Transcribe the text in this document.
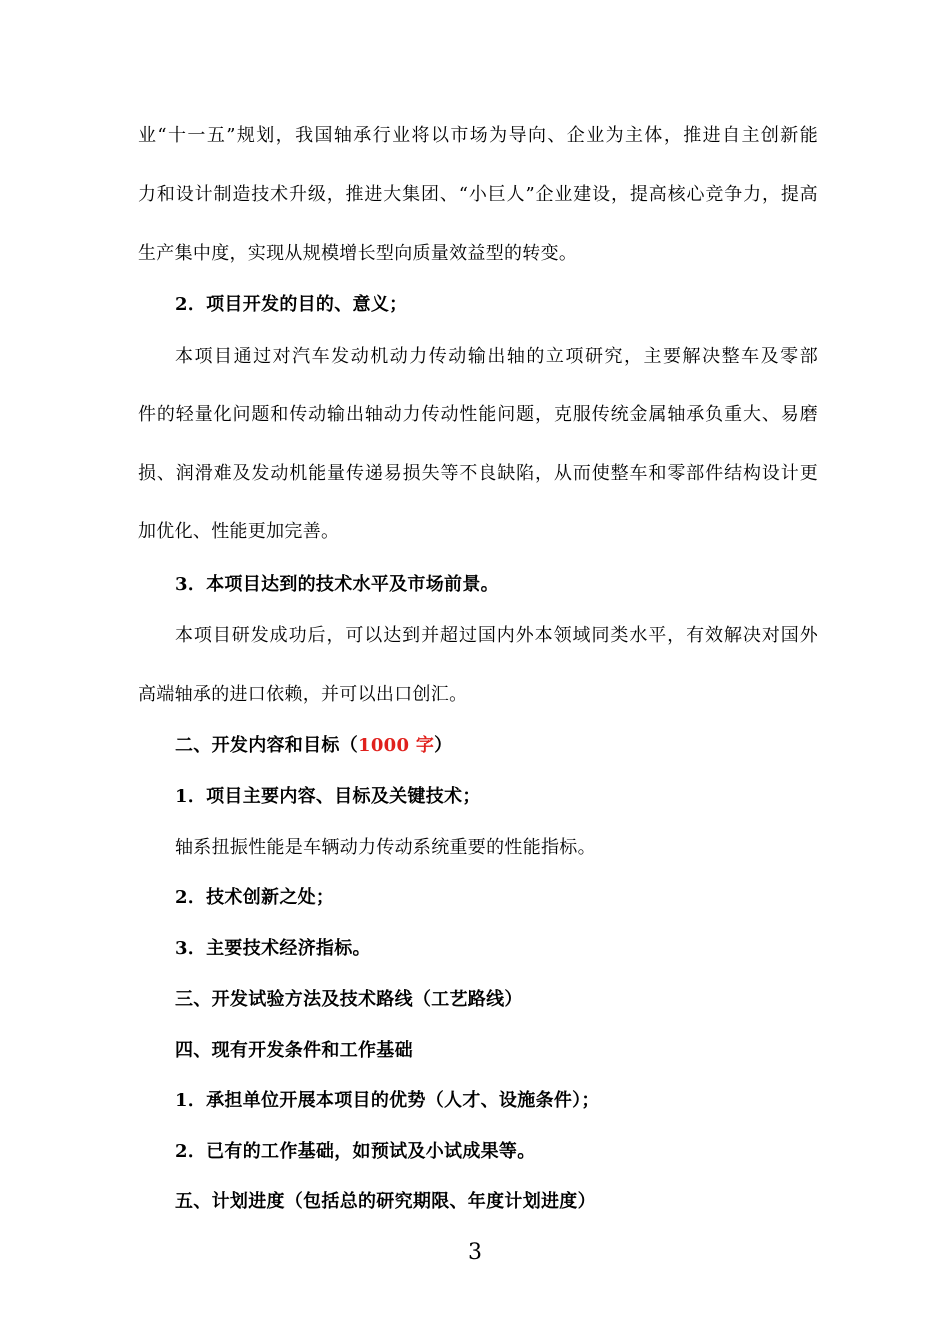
业“十一五”规划，我国轴承行业将以市场为导向、企业为主体，推进自主创新能
力和设计制造技术升级，推进大集团、“小巨人”企业建设，提高核心竞争力，提高
生产集中度，实现从规模增长型向质量效益型的转变。
2．项目开发的目的、意义；
本项目通过对汽车发动机动力传动输出轴的立项研究，主要解决整车及零部
件的轻量化问题和传动输出轴动力传动性能问题，克服传统金属轴承负重大、易磨
损、润滑难及发动机能量传递易损失等不良缺陷，从而使整车和零部件结构设计更
加优化、性能更加完善。
3．本项目达到的技术水平及市场前景。
本项目研发成功后，可以达到并超过国内外本领域同类水平，有效解决对国外
高端轴承的进口依赖，并可以出口创汇。
二、开发内容和目标（1000 字）
1．项目主要内容、目标及关键技术；
轴系扭振性能是车辆动力传动系统重要的性能指标。
2．技术创新之处；
3．主要技术经济指标。
三、开发试验方法及技术路线（工艺路线）
四、现有开发条件和工作基础
1．承担单位开展本项目的优势（人才、设施条件）；
2．已有的工作基础，如预试及小试成果等。
五、计划进度（包括总的研究期限、年度计划进度）
3
